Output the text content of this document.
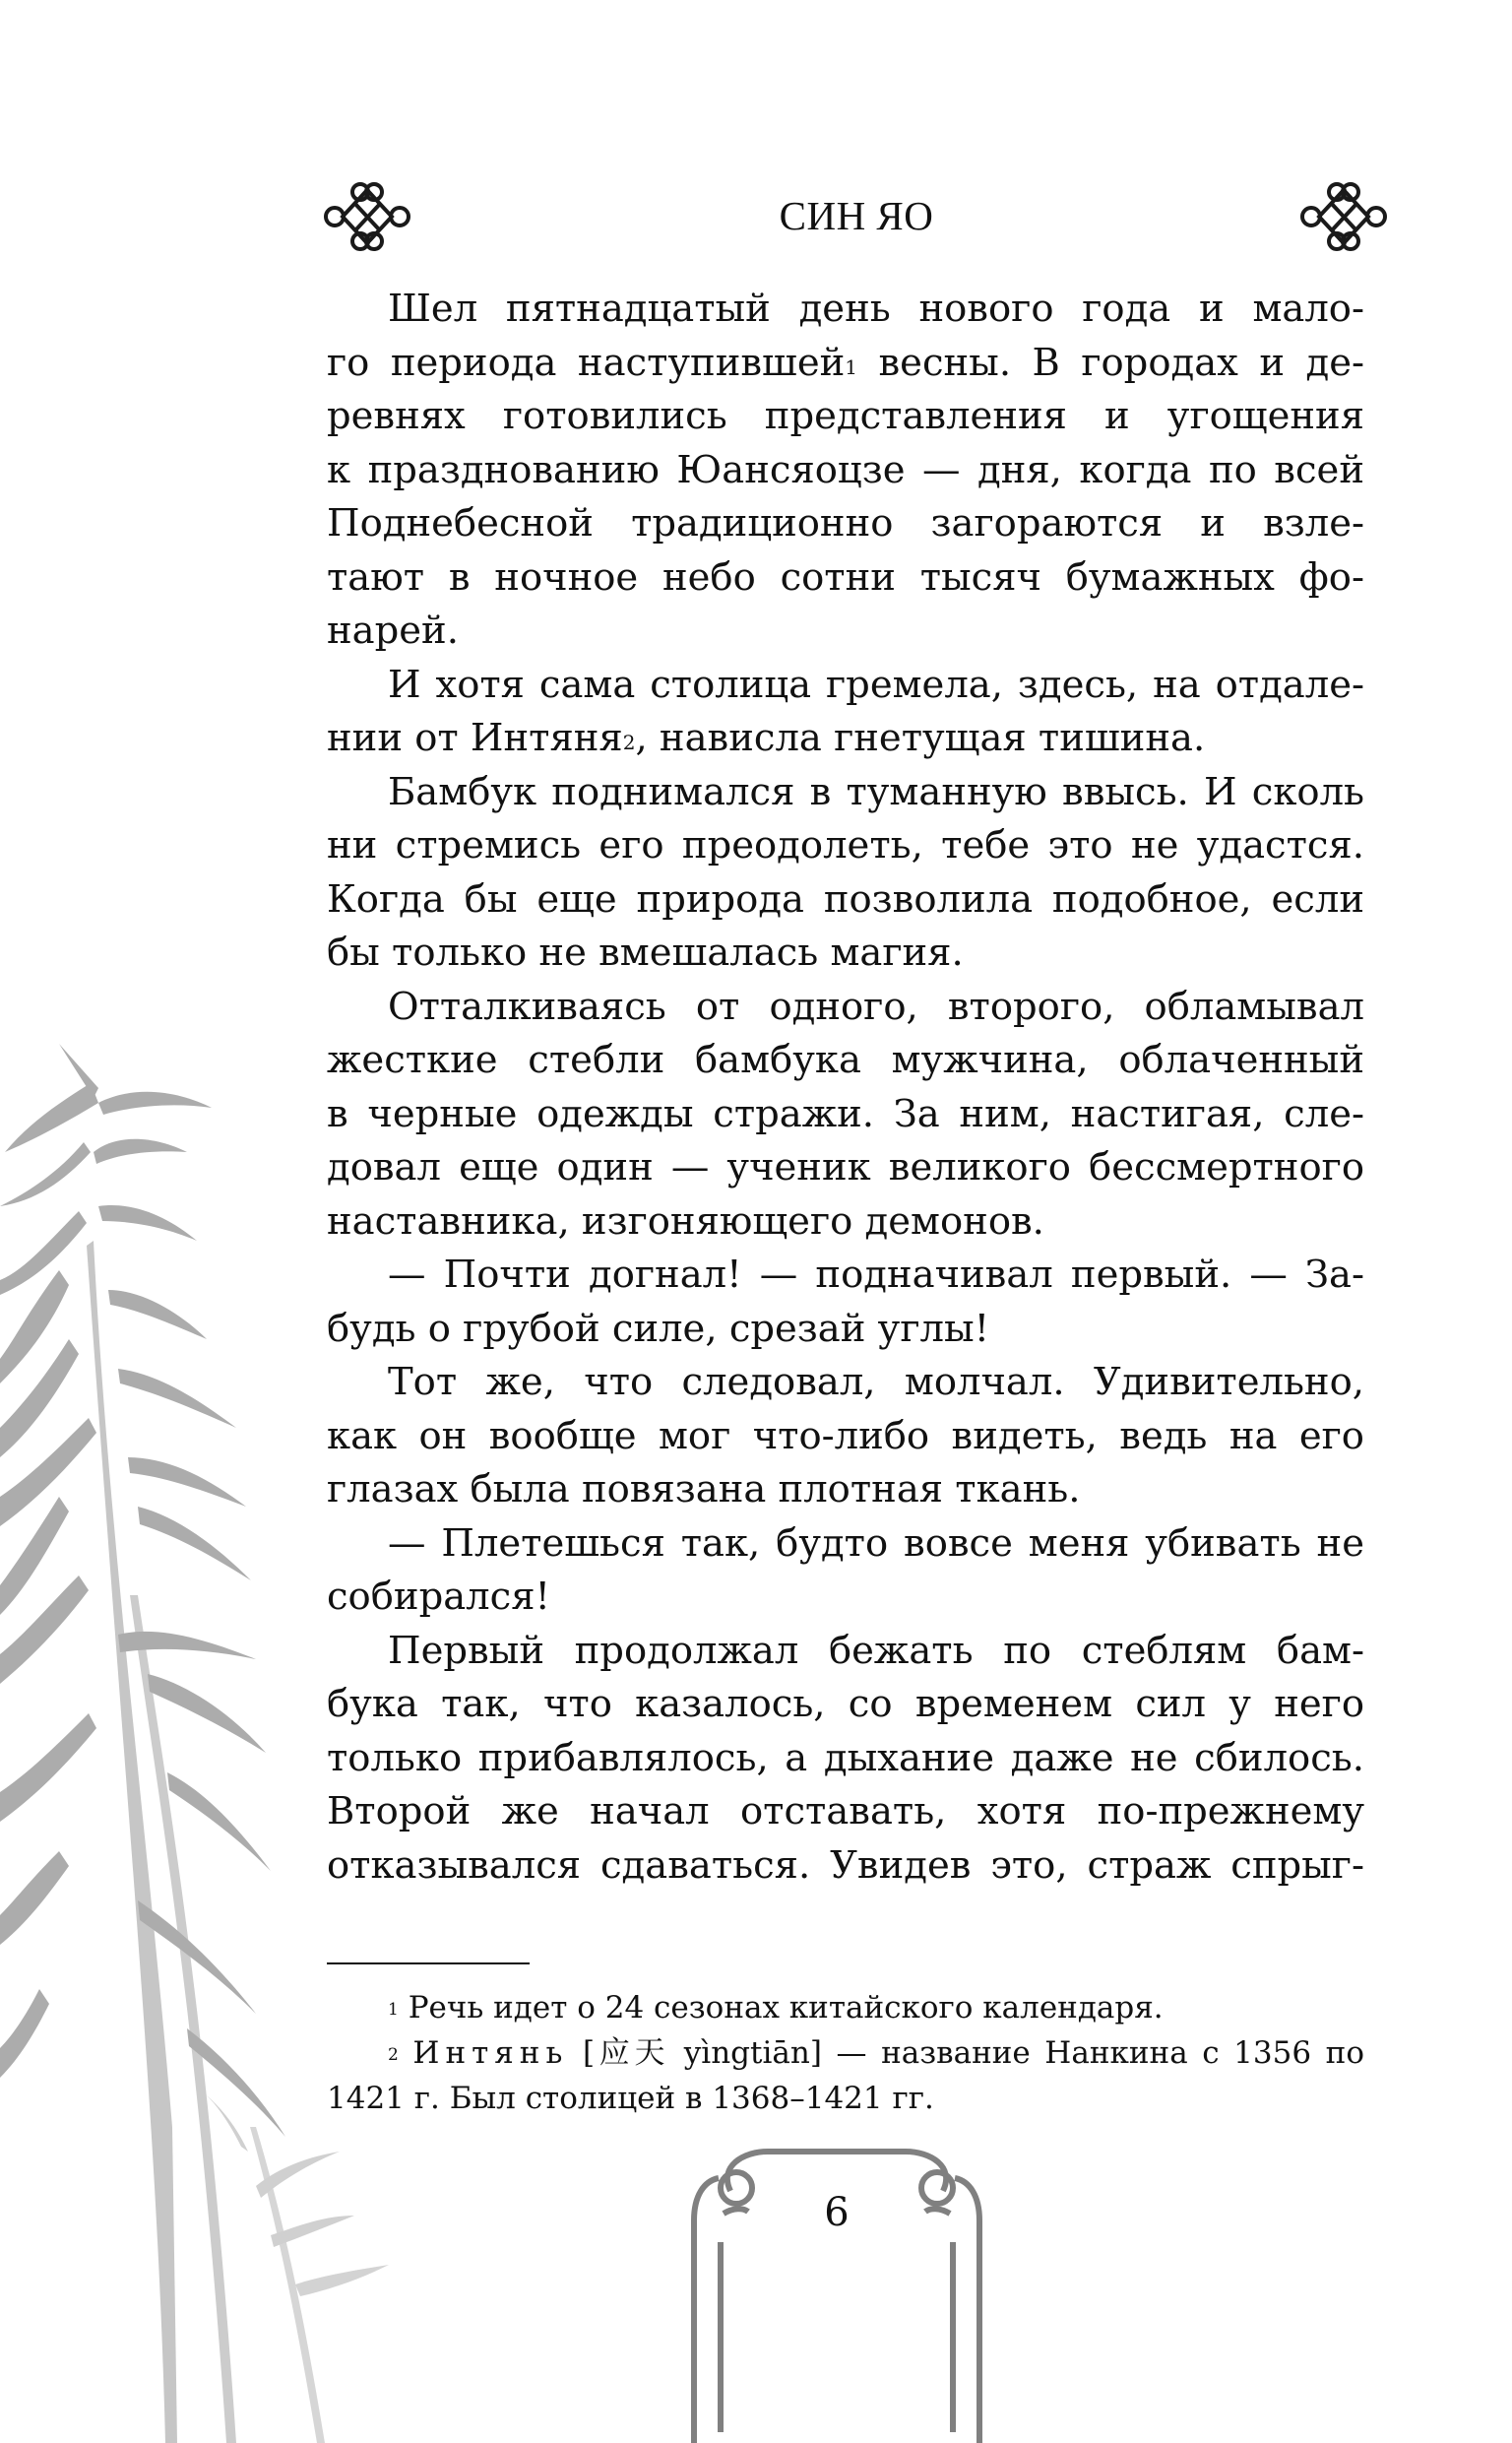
СИН ЯО
Шел пятнадцатый день нового года и мало-
го периода наступившей$^1$ весны. В городах и де-
ревнях готовились представления и угощения
к празднованию Юансяоцзе — дня, когда по всей
Поднебесной традиционно загораются и взле-
тают в ночное небо сотни тысяч бумажных фо-
нарей.
И хотя сама столица гремела, здесь, на отдале-
нии от Интяня$^2$, нависла гнетущая тишина.
Бамбук поднимался в туманную ввысь. И сколь
ни стремись его преодолеть, тебе это не удастся.
Когда бы еще природа позволила подобное, если
бы только не вмешалась магия.
Отталкиваясь от одного, второго, обламывал
жесткие стебли бамбука мужчина, облаченный
в черные одежды стражи. За ним, настигая, сле-
довал еще один — ученик великого бессмертного
наставника, изгоняющего демонов.
— Почти догнал! — подначивал первый. — За-
будь о грубой силе, срезай углы!
Тот же, что следовал, молчал. Удивительно,
как он вообще мог что-либо видеть, ведь на его
глазах была повязана плотная ткань.
— Плетешься так, будто вовсе меня убивать не
собирался!
Первый продолжал бежать по стеблям бам-
бука так, что казалось, со временем сил у него
только прибавлялось, а дыхание даже не сбилось.
Второй же начал отставать, хотя по-прежнему
отказывался сдаваться. Увидев это, страж спрыг-
$^1$ Речь идет о 24 сезонах китайского календаря.
$^2$ Интянь [应天 yìngtiān] — название Нанкина с 1356 по
1421 г. Был столицей в 1368–1421 гг.
6
